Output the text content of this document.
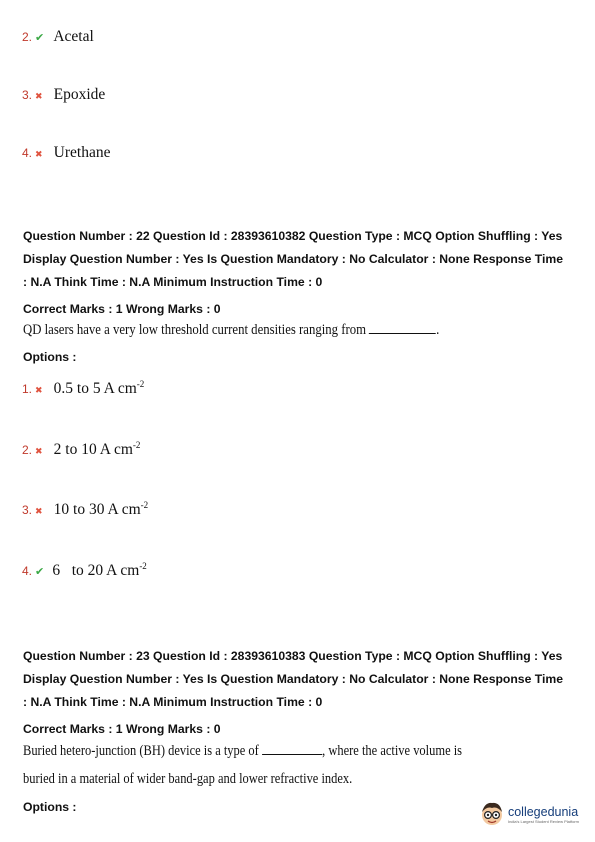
2. ✔ Acetal
3. ✖ Epoxide
4. ✖ Urethane
Question Number : 22 Question Id : 28393610382 Question Type : MCQ Option Shuffling : Yes
Display Question Number : Yes Is Question Mandatory : No Calculator : None Response Time
: N.A Think Time : N.A Minimum Instruction Time : 0
Correct Marks : 1 Wrong Marks : 0
QD lasers have a very low threshold current densities ranging from	.
Options :
1. ✖ 0.5 to 5 A $cm^{-2}$
2. ✖ 2 to 10 A $cm^{-2}$
3. ✖ 10 to 30 A $cm^{-2}$
4. ✔ 6   to 20 A $cm^{-2}$
Question Number : 23 Question Id : 28393610383 Question Type : MCQ Option Shuffling : Yes
Display Question Number : Yes Is Question Mandatory : No Calculator : None Response Time
: N.A Think Time : N.A Minimum Instruction Time : 0
Correct Marks : 1 Wrong Marks : 0
Buried hetero-junction (BH) device is a type of	, where the active volume is
buried in a material of wider band-gap and lower refractive index.
Options :	collegedunia
India's Largest Student Review Platform
